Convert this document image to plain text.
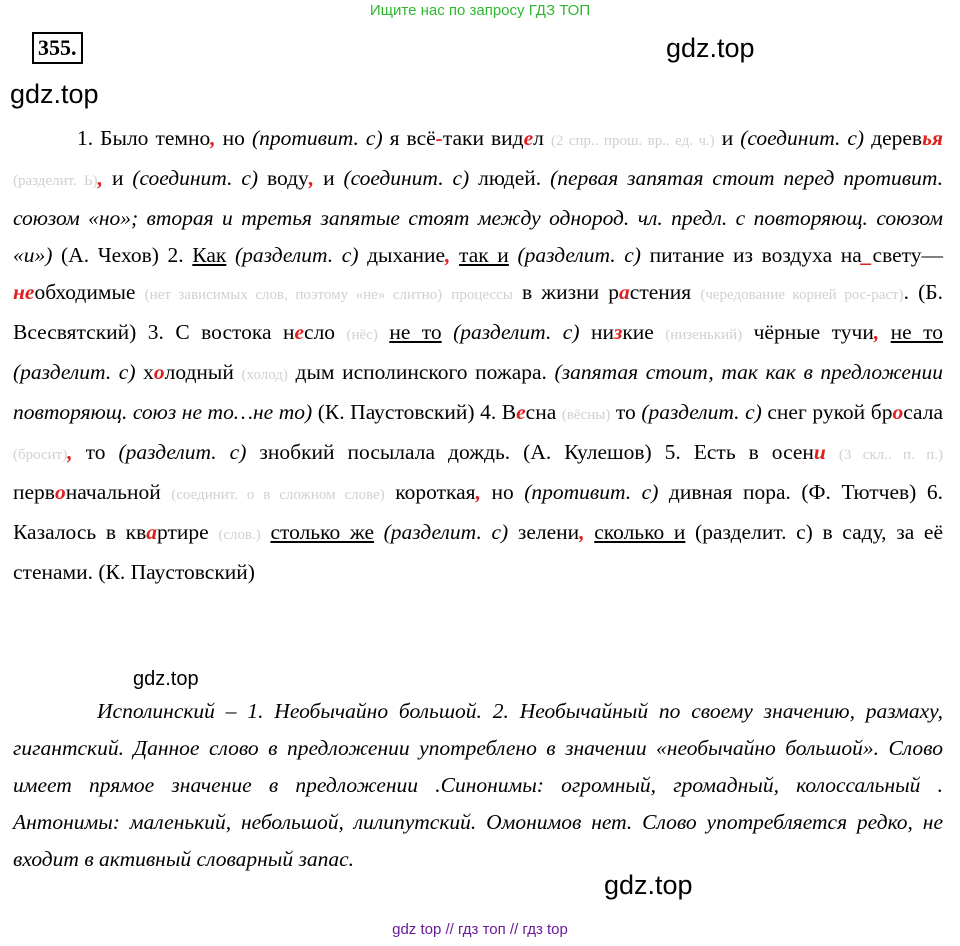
Ищите нас по запросу ГДЗ ТОП
355.	gdz.top
gdz.top

1. Было темно, но (противит. с) я всё-таки видел (2 спр.. прош. вр.. ед. ч.) и (соединит. с) деревья (разделит. Ь), и (соединит. с) воду, и (соединит. с) людей. (первая запятая стоит перед противит. союзом «но»; вторая и третья запятые стоят между однород. чл. предл. с повторяющ. союзом «и») (А. Чехов) 2. Как (разделит. с) дыхание, так и (разделит. с) питание из воздуха на_свету— необходимые (нет зависимых слов, поэтому «не» слитно) процессы в жизни растения (чередование корней рос-раст). (Б. Всесвятский) 3. С востока несло (нёс) не то (разделит. с) низкие (низенький) чёрные тучи, не то (разделит. с) холодный (холод) дым исполинского пожара. (запятая стоит, так как в предложении повторяющ. союз не то…не то) (К. Паустовский) 4. Весна (вёсны) то (разделит. с) снег рукой бросала (бросит), то (разделит. с) знобкий посылала дождь. (А. Кулешов) 5. Есть в осени (3 скл.. п. п.) первоначальной (соединит. о в сложном слове) короткая, но (противит. с) дивная пора. (Ф. Тютчев) 6. Казалось в квартире (слов.) столько же (разделит. с) зелени, сколько и (разделит. с) в саду, за её стенами. (К. Паустовский)

gdz.top
Исполинский – 1. Необычайно большой. 2. Необычайный по своему значению, размаху, гигантский. Данное слово в предложении употреблено в значении «необычайно большой». Слово имеет прямое значение в предложении .Синонимы: огромный, громадный, колоссальный . Антонимы: маленький, небольшой, лилипутский. Омонимов нет. Слово употребляется редко, не входит в активный словарный запас.
gdz.top
gdz top // гдз топ // гдз top
